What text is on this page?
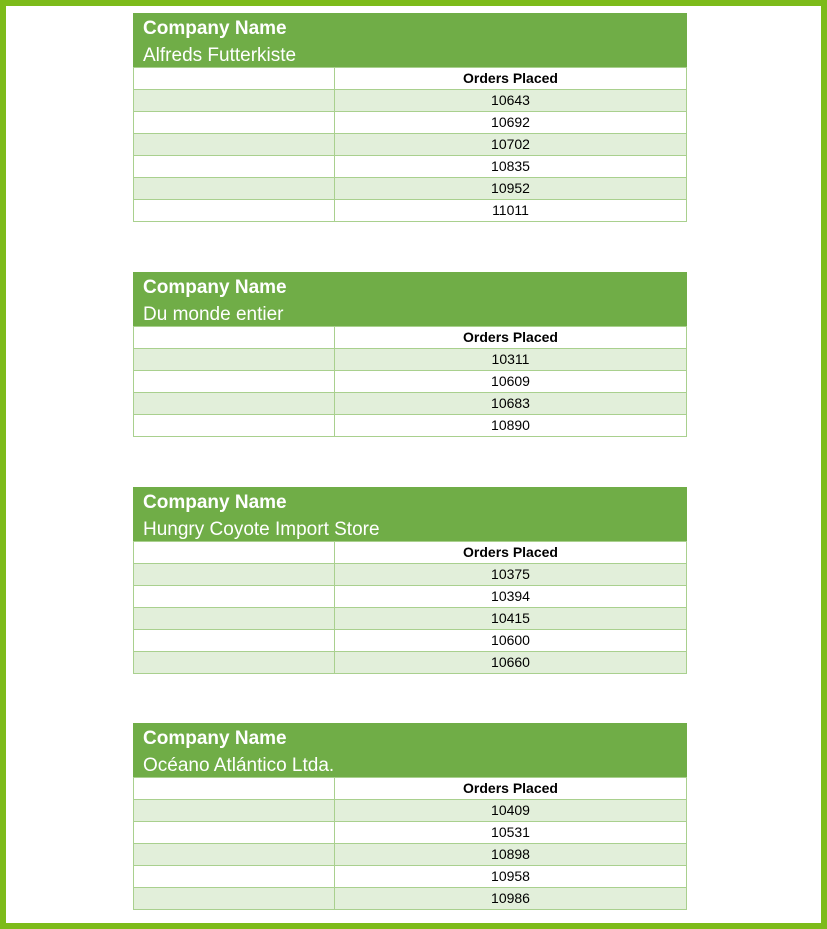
Company Name
Alfreds Futterkiste
	Orders Placed
	10643
	10692
	10702
	10835
	10952
	11011
Company Name
Du monde entier
	Orders Placed
	10311
	10609
	10683
	10890
Company Name
Hungry Coyote Import Store
	Orders Placed
	10375
	10394
	10415
	10600
	10660
Company Name
Océano Atlántico Ltda.
	Orders Placed
	10409
	10531
	10898
	10958
	10986
